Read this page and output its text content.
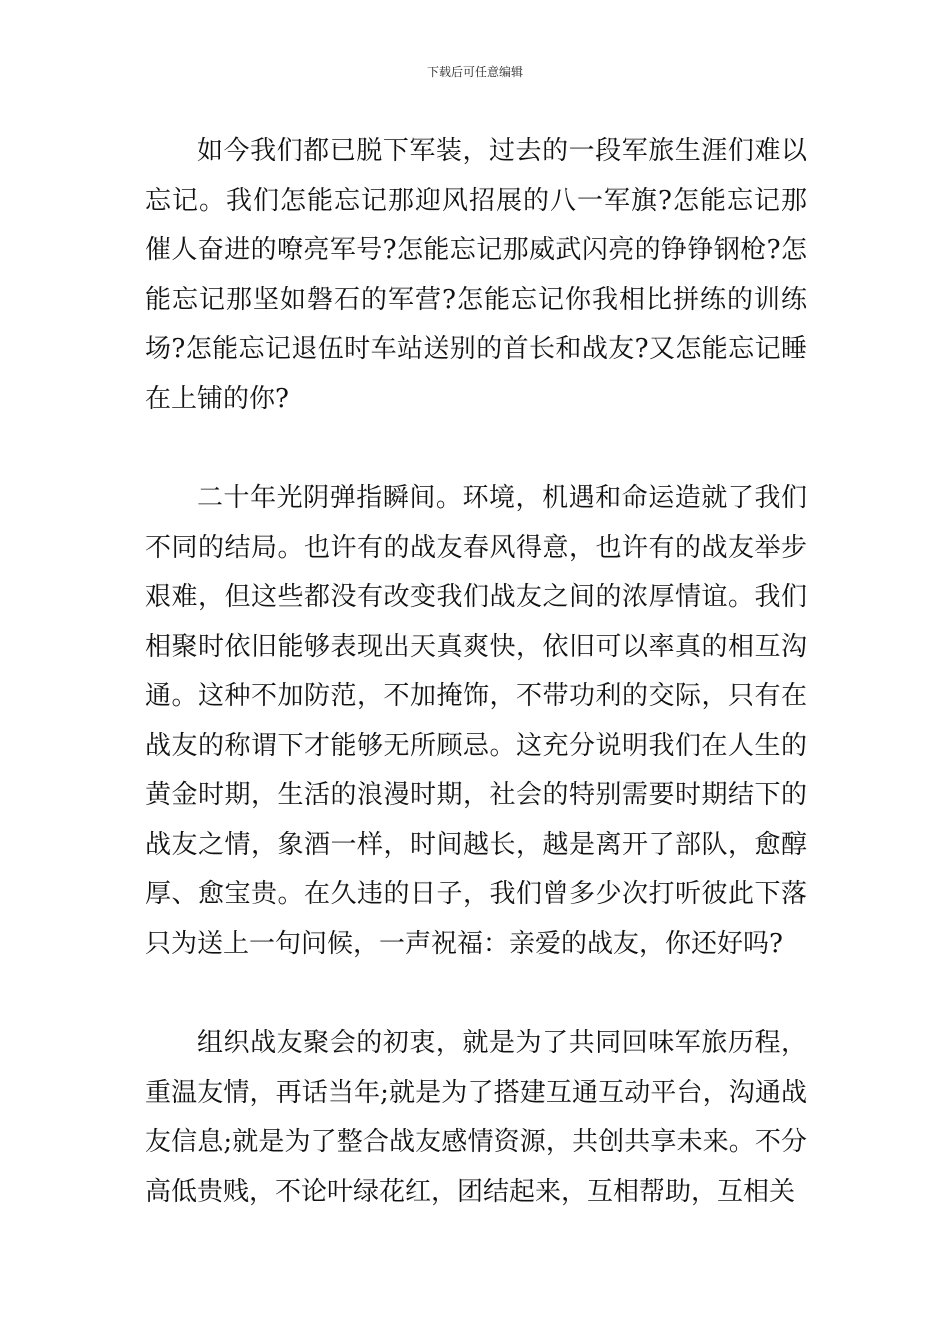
下载后可任意编辑

如今我们都已脱下军装，过去的一段军旅生涯们难以忘记。我们怎能忘记那迎风招展的八一军旗?怎能忘记那催人奋进的嘹亮军号?怎能忘记那威武闪亮的铮铮钢枪?怎能忘记那坚如磐石的军营?怎能忘记你我相比拼练的训练场?怎能忘记退伍时车站送别的首长和战友?又怎能忘记睡在上铺的你?

二十年光阴弹指瞬间。环境，机遇和命运造就了我们不同的结局。也许有的战友春风得意，也许有的战友举步艰难，但这些都没有改变我们战友之间的浓厚情谊。我们相聚时依旧能够表现出天真爽快，依旧可以率真的相互沟通。这种不加防范，不加掩饰，不带功利的交际，只有在战友的称谓下才能够无所顾忌。这充分说明我们在人生的黄金时期，生活的浪漫时期，社会的特别需要时期结下的战友之情，象酒一样，时间越长，越是离开了部队，愈醇厚、愈宝贵。在久违的日子，我们曾多少次打听彼此下落只为送上一句问候，一声祝福：亲爱的战友，你还好吗?

组织战友聚会的初衷，就是为了共同回味军旅历程，重温友情，再话当年;就是为了搭建互通互动平台，沟通战友信息;就是为了整合战友感情资源，共创共享未来。不分高低贵贱，不论叶绿花红，团结起来，互相帮助，互相关
